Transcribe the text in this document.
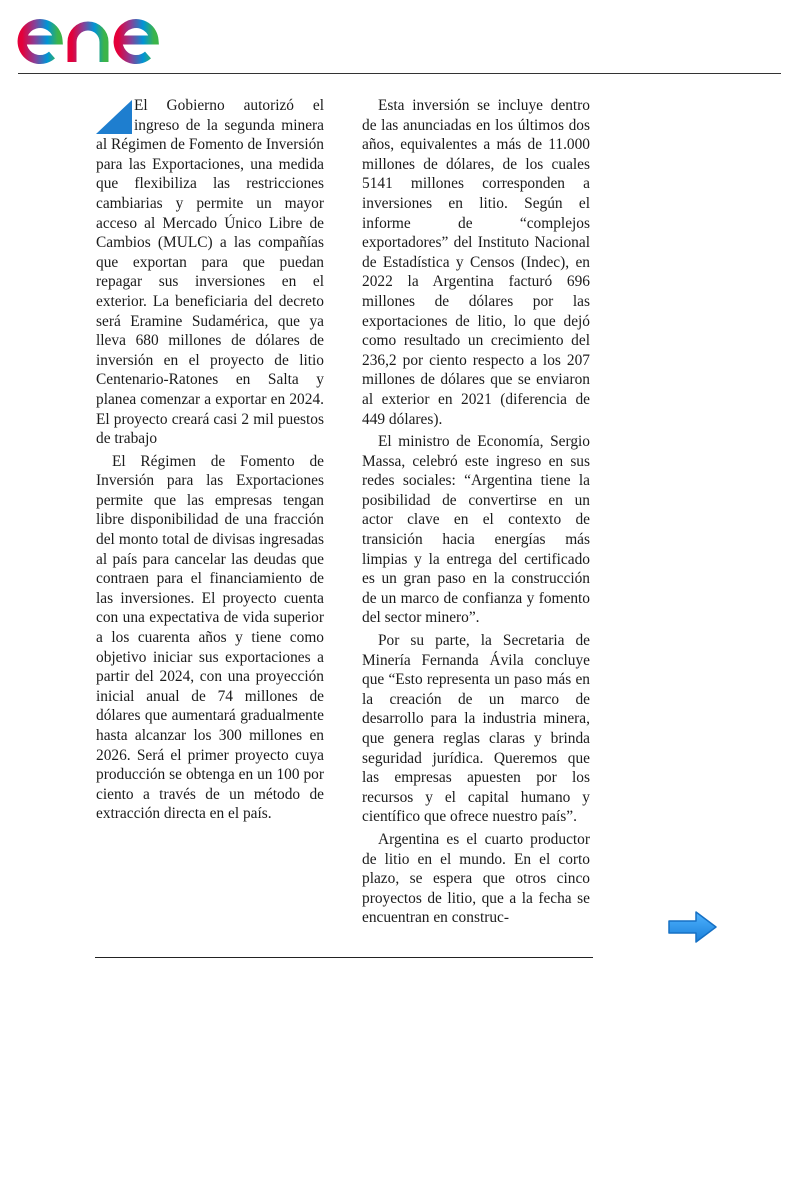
El Gobierno autorizó el ingreso de la segunda minera al Régimen de Fomento de Inversión para las Exportaciones, una medida que flexibiliza las restricciones cambiarias y permite un mayor acceso al Mercado Único Libre de Cambios (MULC) a las compañías que exportan para que puedan repagar sus inversiones en el exterior. La beneficiaria del decreto será Eramine Sudamérica, que ya lleva 680 millones de dólares de inversión en el proyecto de litio Centenario-Ratones en Salta y planea comenzar a exportar en 2024. El proyecto creará casi 2 mil puestos de trabajo

El Régimen de Fomento de Inversión para las Exportaciones permite que las empresas tengan libre disponibilidad de una fracción del monto total de divisas ingresadas al país para cancelar las deudas que contraen para el financiamiento de las inversiones. El proyecto cuenta con una expectativa de vida superior a los cuarenta años y tiene como objetivo iniciar sus exportaciones a partir del 2024, con una proyección inicial anual de 74 millones de dólares que aumentará gradualmente hasta alcanzar los 300 millones en 2026. Será el primer proyecto cuya producción se obtenga en un 100 por ciento a través de un método de extracción directa en el país.

Esta inversión se incluye dentro de las anunciadas en los últimos dos años, equivalentes a más de 11.000 millones de dólares, de los cuales 5141 millones corresponden a inversiones en litio. Según el informe de “complejos exportadores” del Instituto Nacional de Estadística y Censos (Indec), en 2022 la Argentina facturó 696 millones de dólares por las exportaciones de litio, lo que dejó como resultado un crecimiento del 236,2 por ciento respecto a los 207 millones de dólares que se enviaron al exterior en 2021 (diferencia de 449 dólares).

El ministro de Economía, Sergio Massa, celebró este ingreso en sus redes sociales: “Argentina tiene la posibilidad de convertirse en un actor clave en el contexto de transición hacia energías más limpias y la entrega del certificado es un gran paso en la construcción de un marco de confianza y fomento del sector minero”.

Por su parte, la Secretaria de Minería Fernanda Ávila concluye que “Esto representa un paso más en la creación de un marco de desarrollo para la industria minera, que genera reglas claras y brinda seguridad jurídica. Queremos que las empresas apuesten por los recursos y el capital humano y científico que ofrece nuestro país”.

Argentina es el cuarto productor de litio en el mundo. En el corto plazo, se espera que otros cinco proyectos de litio, que a la fecha se encuentran en construc-
